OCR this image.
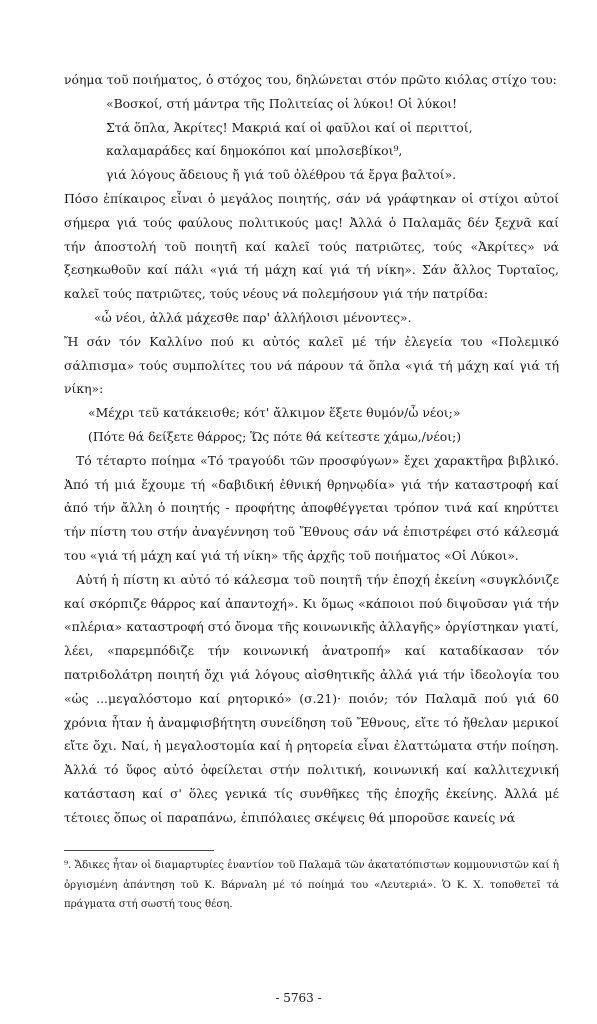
νόημα τοῦ ποιήματος, ὁ στόχος του, δηλώνεται στόν πρῶτο κιόλας στίχο του:

«Βοσκοί, στή μάντρα τῆς Πολιτείας οἱ λύκοι! Οἱ λύκοι!

Στά ὅπλα, Ἀκρίτες! Μακριά καί οἱ φαῦλοι καί οἱ περιττοί,

καλαμαράδες καί δημοκόποι καί μπολσεβίκοι⁹,

γιά λόγους ἄδειους ἤ γιά τοῦ ὀλέθρου τά ἔργα βαλτοί».

Πόσο ἐπίκαιρος εἶναι ὁ μεγάλος ποιητής, σάν νά γράφτηκαν οἱ στίχοι αὐτοί σήμερα γιά τούς φαύλους πολιτικούς μας! Ἀλλά ὁ Παλαμᾶς δέν ξεχνᾶ καί τήν ἀποστολή τοῦ ποιητῆ καί καλεῖ τούς πατριῶτες, τούς «Ἀκρίτες» νά ξεσηκωθοῦν καί πάλι «γιά τή μάχη καί γιά τή νίκη». Σάν ἄλλος Τυρταῖος, καλεῖ τούς πατριῶτες, τούς νέους νά πολεμήσουν γιά τήν πατρίδα:

«ὦ νέοι, ἀλλά μάχεσθε παρ' ἀλλήλοισι μένοντες».

Ἤ σάν τόν Καλλίνο πού κι αὐτός καλεῖ μέ τήν ἐλεγεία του «Πολεμικό σάλπισμα» τούς συμπολίτες του νά πάρουν τά ὅπλα «γιά τή μάχη καί γιά τή νίκη»:

«Μέχρι τεῦ κατάκεισθε; κότ' ἄλκιμον ἕξετε θυμόν/ὦ νέοι;»

(Πότε θά δείξετε θάρρος; Ὥς πότε θά κείτεστε χάμω,/νέοι;)

Τό τέταρτο ποίημα «Τό τραγούδι τῶν προσφύγων» ἔχει χαρακτῆρα βιβλικό. Ἀπό τή μιά ἔχουμε τή «δαβιδική ἐθνική θρηνῳδία» γιά τήν καταστροφή καί ἀπό τήν ἄλλη ὁ ποιητής - προφήτης ἀποφθέγγεται τρόπον τινά καί κηρύττει τήν πίστη του στήν ἀναγέννηση τοῦ Ἔθνους σάν νά ἐπιστρέφει στό κάλεσμά του «γιά τή μάχη καί γιά τή νίκη» τῆς ἀρχῆς τοῦ ποιήματος «Οἱ Λύκοι».

Αὐτή ἡ πίστη κι αὐτό τό κάλεσμα τοῦ ποιητῆ τήν ἐποχή ἐκείνη «συγκλόνιζε καί σκόρπιζε θάρρος καί ἀπαντοχή». Κι ὅμως «κάποιοι πού διψοῦσαν γιά τήν «πλέρια» καταστροφή στό ὄνομα τῆς κοινωνικῆς ἀλλαγῆς» ὀργίστηκαν γιατί, λέει, «παρεμπόδιζε τήν κοινωνική ἀνατροπή» καί καταδίκασαν τόν πατριδολάτρη ποιητή ὄχι γιά λόγους αἰσθητικῆς ἀλλά γιά τήν ἰδεολογία του «ὡς ...μεγαλόστομο καί ρητορικό» (σ.21)· ποιόν; τόν Παλαμᾶ πού γιά 60 χρόνια ἦταν ἡ ἀναμφισβήτητη συνείδηση τοῦ Ἔθνους, εἴτε τό ἤθελαν μερικοί εἴτε ὄχι. Ναί, ἡ μεγαλοστομία καί ἡ ρητορεία εἶναι ἐλαττώματα στήν ποίηση. Ἀλλά τό ὕφος αὐτό ὀφείλεται στήν πολιτική, κοινωνική καί καλλιτεχνική κατάσταση καί σ' ὅλες γενικά τίς συνθῆκες τῆς ἐποχῆς ἐκείνης. Ἀλλά μέ τέτοιες ὅπως οἱ παραπάνω, ἐπιπόλαιες σκέψεις θά μποροῦσε κανείς νά

⁹. Ἄδικες ἦταν οἱ διαμαρτυρίες ἐναντίον τοῦ Παλαμᾶ τῶν ἀκατατόπιστων κομμουνιστῶν καί ἡ ὀργισμένη ἀπάντηση τοῦ Κ. Βάρναλη μέ τό ποίημά του «Λευτεριά». Ὁ Κ. Χ. τοποθετεῖ τά πράγματα στή σωστή τους θέση.

- 5763 -
